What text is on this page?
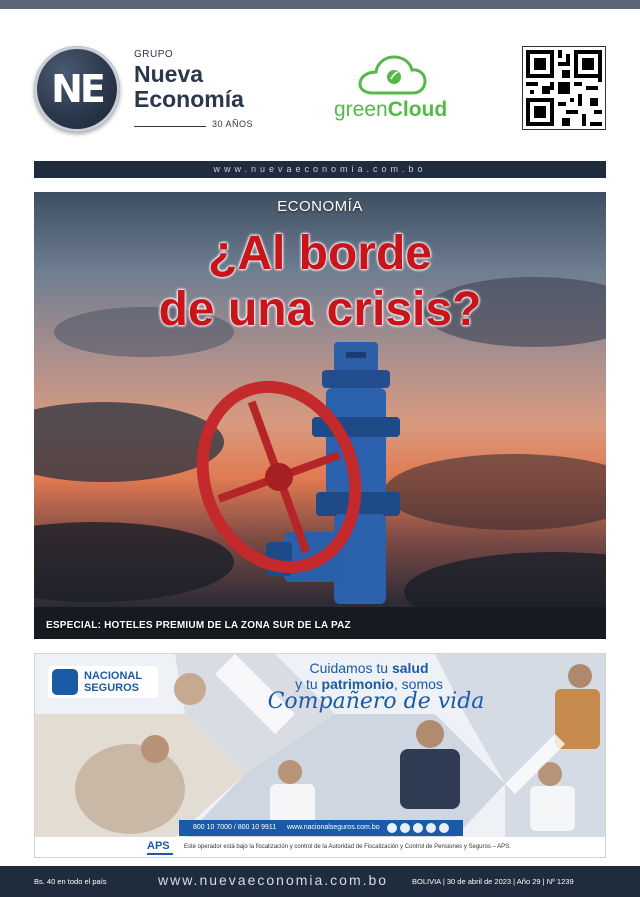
NE
GRUPO
Nueva
Economía
30 AÑOS
greenCloud
www.nuevaeconomia.com.bo
ECONOMÍA
¿Al borde
de una crisis?
ESPECIAL: HOTELES PREMIUM DE LA ZONA SUR DE LA PAZ
NACIONAL
SEGUROS
Cuidamos tu salud
y tu patrimonio, somos
Compañero de vida
800 10 7000 / 800 10 9911 www.nacionalseguros.com.bo
APS	Este operador está bajo la fiscalización y control de la Autoridad de Fiscalización y Control de Pensiones y Seguros – APS.
Bs. 40 en todo el país	www.nuevaeconomia.com.bo	BOLIVIA | 30 de abril de 2023 | Año 29 | Nº 1239
